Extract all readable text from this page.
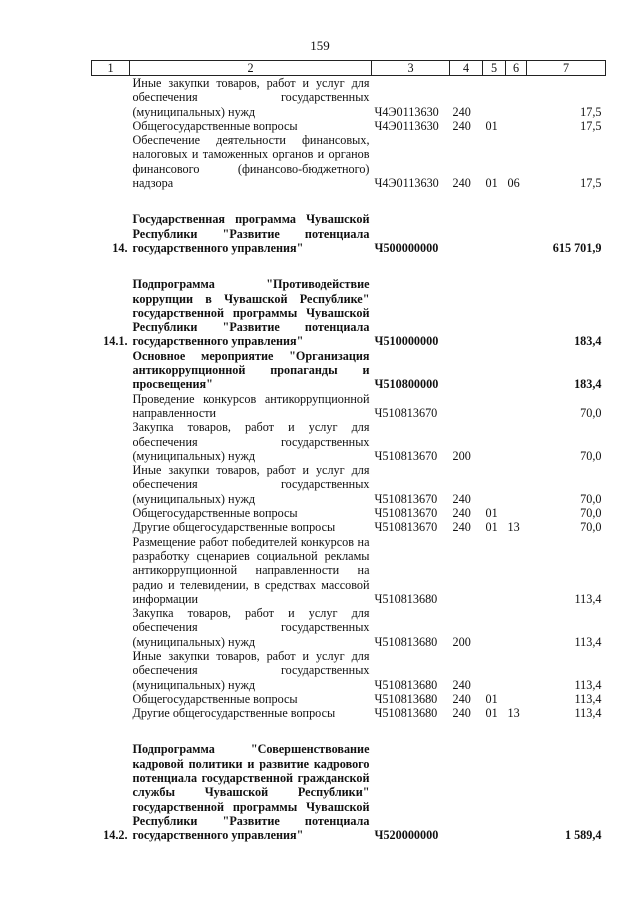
159
1	2	3	4	5	6	7
	Иные закупки товаров, работ и услуг для обеспечения государственных (муниципальных) нужд	Ч4Э0113630	240			17,5
	Общегосударственные вопросы	Ч4Э0113630	240	01		17,5
	Обеспечение деятельности финансовых, налоговых и таможенных органов и органов финансового (финансово-бюджетного) надзора	Ч4Э0113630	240	01	06	17,5

14.	Государственная программа Чувашской Республики "Развитие потенциала государственного управления"	Ч500000000				615 701,9

14.1.	Подпрограмма "Противодействие коррупции в Чувашской Республике" государственной программы Чувашской Республики "Развитие потенциала государственного управления"	Ч510000000				183,4
	Основное мероприятие "Организация антикоррупционной пропаганды и просвещения"	Ч510800000				183,4
	Проведение конкурсов антикоррупционной направленности	Ч510813670				70,0
	Закупка товаров, работ и услуг для обеспечения государственных (муниципальных) нужд	Ч510813670	200			70,0
	Иные закупки товаров, работ и услуг для обеспечения государственных (муниципальных) нужд	Ч510813670	240			70,0
	Общегосударственные вопросы	Ч510813670	240	01		70,0
	Другие общегосударственные вопросы	Ч510813670	240	01	13	70,0
	Размещение работ победителей конкурсов на разработку сценариев социальной рекламы антикоррупционной направленности на радио и телевидении, в средствах массовой информации	Ч510813680				113,4
	Закупка товаров, работ и услуг для обеспечения государственных (муниципальных) нужд	Ч510813680	200			113,4
	Иные закупки товаров, работ и услуг для обеспечения государственных (муниципальных) нужд	Ч510813680	240			113,4
	Общегосударственные вопросы	Ч510813680	240	01		113,4
	Другие общегосударственные вопросы	Ч510813680	240	01	13	113,4

14.2.	Подпрограмма "Совершенствование кадровой политики и развитие кадрового потенциала государственной гражданской службы Чувашской Республики" государственной программы Чувашской Республики "Развитие потенциала государственного управления"	Ч520000000				1 589,4
